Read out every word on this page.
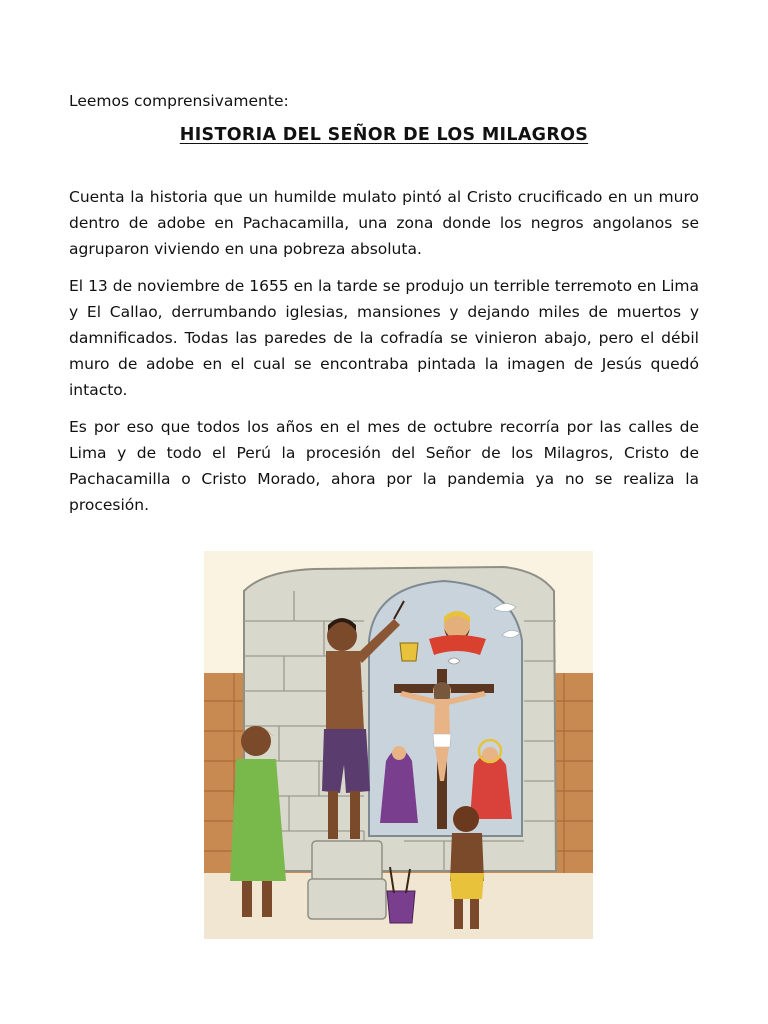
Leemos comprensivamente:

HISTORIA DEL SEÑOR DE LOS MILAGROS

Cuenta la historia que un humilde mulato pintó al Cristo crucificado en un muro dentro de adobe en Pachacamilla, una zona donde los negros angolanos se agruparon viviendo en una pobreza absoluta.

El 13 de noviembre de 1655 en la tarde se produjo un terrible terremoto en Lima y El Callao, derrumbando iglesias, mansiones y dejando miles de muertos y damnificados. Todas las paredes de la cofradía se vinieron abajo, pero el débil muro de adobe en el cual se encontraba pintada la imagen de Jesús quedó intacto.

Es por eso que todos los años en el mes de octubre recorría por las calles de Lima y de todo el Perú la procesión del Señor de los Milagros, Cristo de Pachacamilla o Cristo Morado, ahora por la pandemia ya no se realiza la procesión.
